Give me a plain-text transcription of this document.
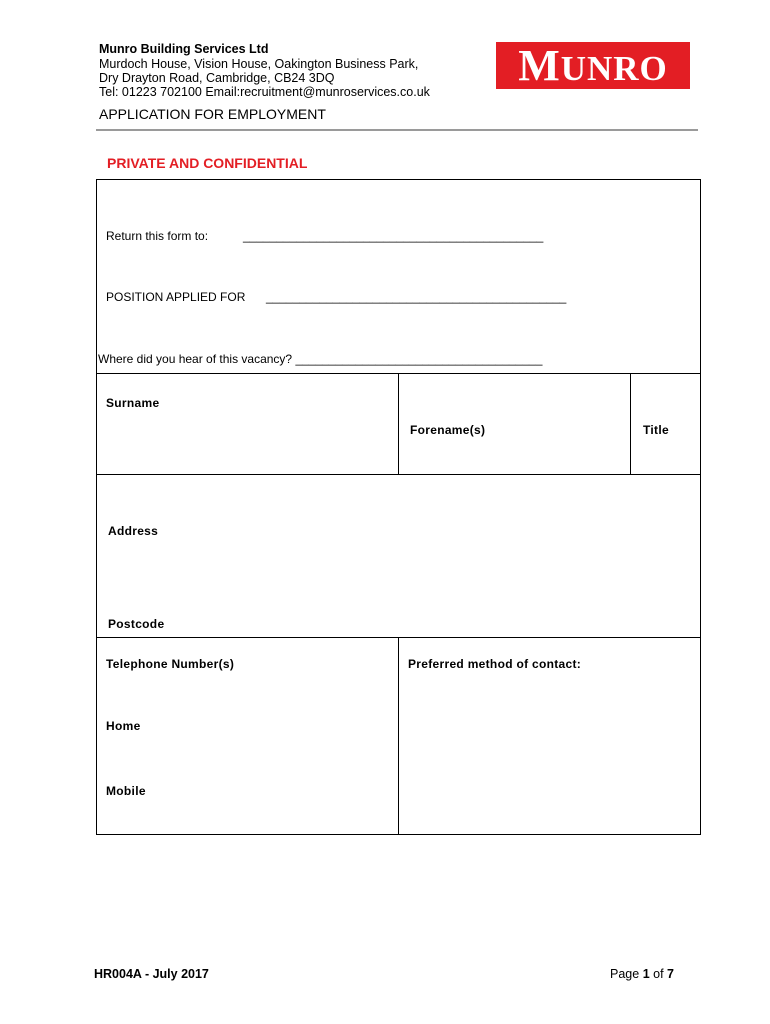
Munro Building Services Ltd
Murdoch House, Vision House, Oakington Business Park,
Dry Drayton Road, Cambridge, CB24 3DQ
Tel: 01223 702100 Email:recruitment@munroservices.co.uk
M UNRO
APPLICATION FOR EMPLOYMENT
PRIVATE AND CONFIDENTIAL
Return this form to:	_____________________________________________
POSITION APPLIED FOR _____________________________________________
Where did you hear of this vacancy? _____________________________________
Surname
Forename(s)	Title
Address
Postcode
Telephone Number(s)	Preferred method of contact:
Home
Mobile
HR004A - July 2017	Page 1 of 7
